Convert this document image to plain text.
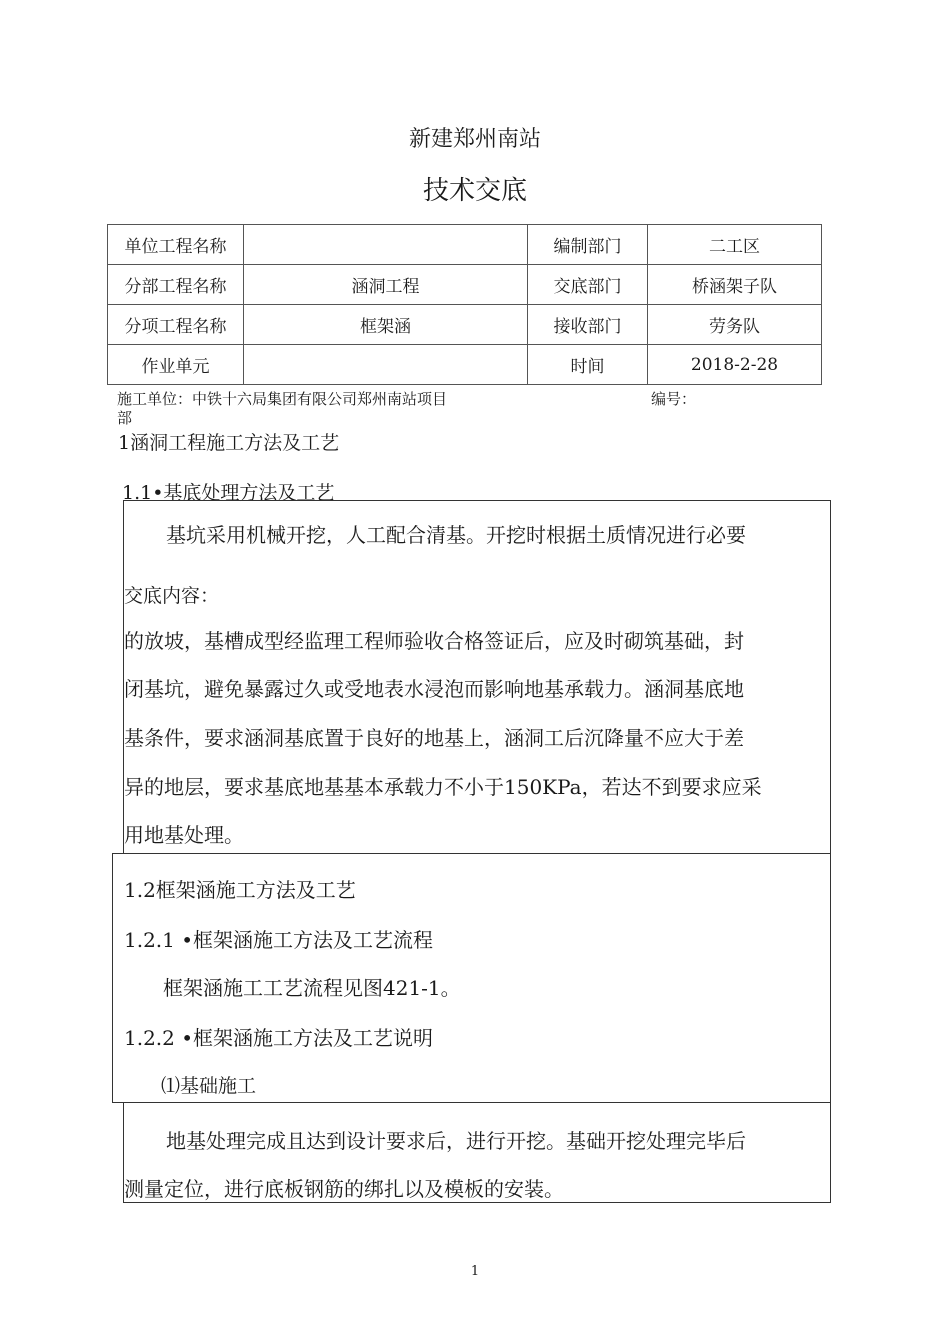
新建郑州南站
技术交底
单位工程名称		编制部门	二工区
分部工程名称	涵洞工程	交底部门	桥涵架子队
分项工程名称	框架涵	接收部门	劳务队
作业单元		时间	2018-2-28
施工单位：中铁十六局集团有限公司郑州南站项目
部
编号：
1涵洞工程施工方法及工艺
1.1•基底处理方法及工艺
基坑采用机械开挖，人工配合清基。开挖时根据土质情况进行必要
交底内容：
的放坡，基槽成型经监理工程师验收合格签证后，应及时砌筑基础，封
闭基坑，避免暴露过久或受地表水浸泡而影响地基承载力。涵洞基底地
基条件，要求涵洞基底置于良好的地基上，涵洞工后沉降量不应大于差
异的地层，要求基底地基基本承载力不小于150KPa，若达不到要求应采
用地基处理。
1.2框架涵施工方法及工艺
1.2.1 •框架涵施工方法及工艺流程
框架涵施工工艺流程见图421-1。
1.2.2 •框架涵施工方法及工艺说明
⑴基础施工
地基处理完成且达到设计要求后，进行开挖。基础开挖处理完毕后
测量定位，进行底板钢筋的绑扎以及模板的安装。
1
